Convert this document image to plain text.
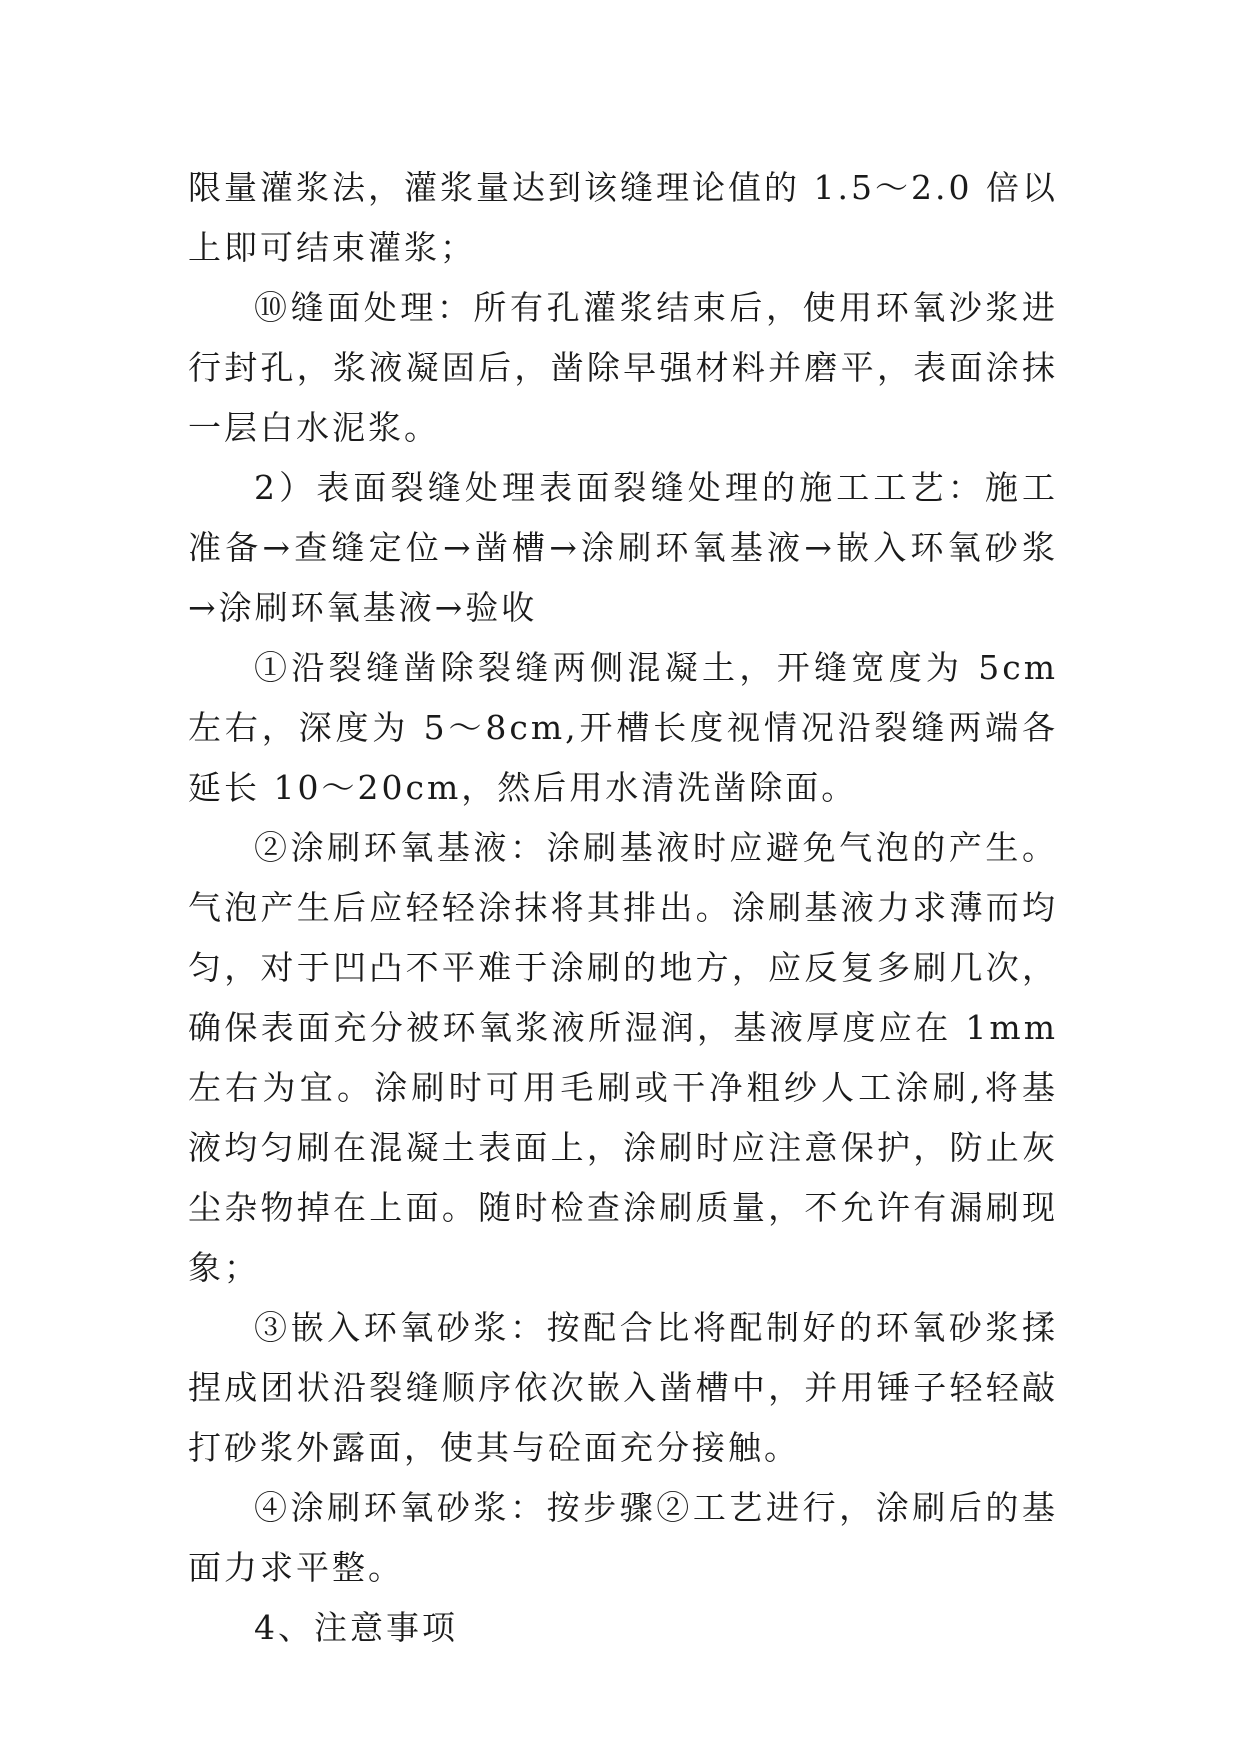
限量灌浆法，灌浆量达到该缝理论值的 1.5～2.0 倍以上即可结束灌浆；

⑩缝面处理：所有孔灌浆结束后，使用环氧沙浆进行封孔，浆液凝固后，凿除早强材料并磨平，表面涂抹一层白水泥浆。

2）表面裂缝处理表面裂缝处理的施工工艺：施工准备→查缝定位→凿槽→涂刷环氧基液→嵌入环氧砂浆→涂刷环氧基液→验收

①沿裂缝凿除裂缝两侧混凝土，开缝宽度为 5cm 左右，深度为 5～8cm,开槽长度视情况沿裂缝两端各延长 10～20cm，然后用水清洗凿除面。

②涂刷环氧基液：涂刷基液时应避免气泡的产生。气泡产生后应轻轻涂抹将其排出。涂刷基液力求薄而均匀，对于凹凸不平难于涂刷的地方，应反复多刷几次，确保表面充分被环氧浆液所湿润，基液厚度应在 1mm 左右为宜。涂刷时可用毛刷或干净粗纱人工涂刷,将基液均匀刷在混凝土表面上，涂刷时应注意保护，防止灰尘杂物掉在上面。随时检查涂刷质量，不允许有漏刷现象；

③嵌入环氧砂浆：按配合比将配制好的环氧砂浆揉捏成团状沿裂缝顺序依次嵌入凿槽中，并用锤子轻轻敲打砂浆外露面，使其与砼面充分接触。

④涂刷环氧砂浆：按步骤②工艺进行，涂刷后的基面力求平整。

4、注意事项
